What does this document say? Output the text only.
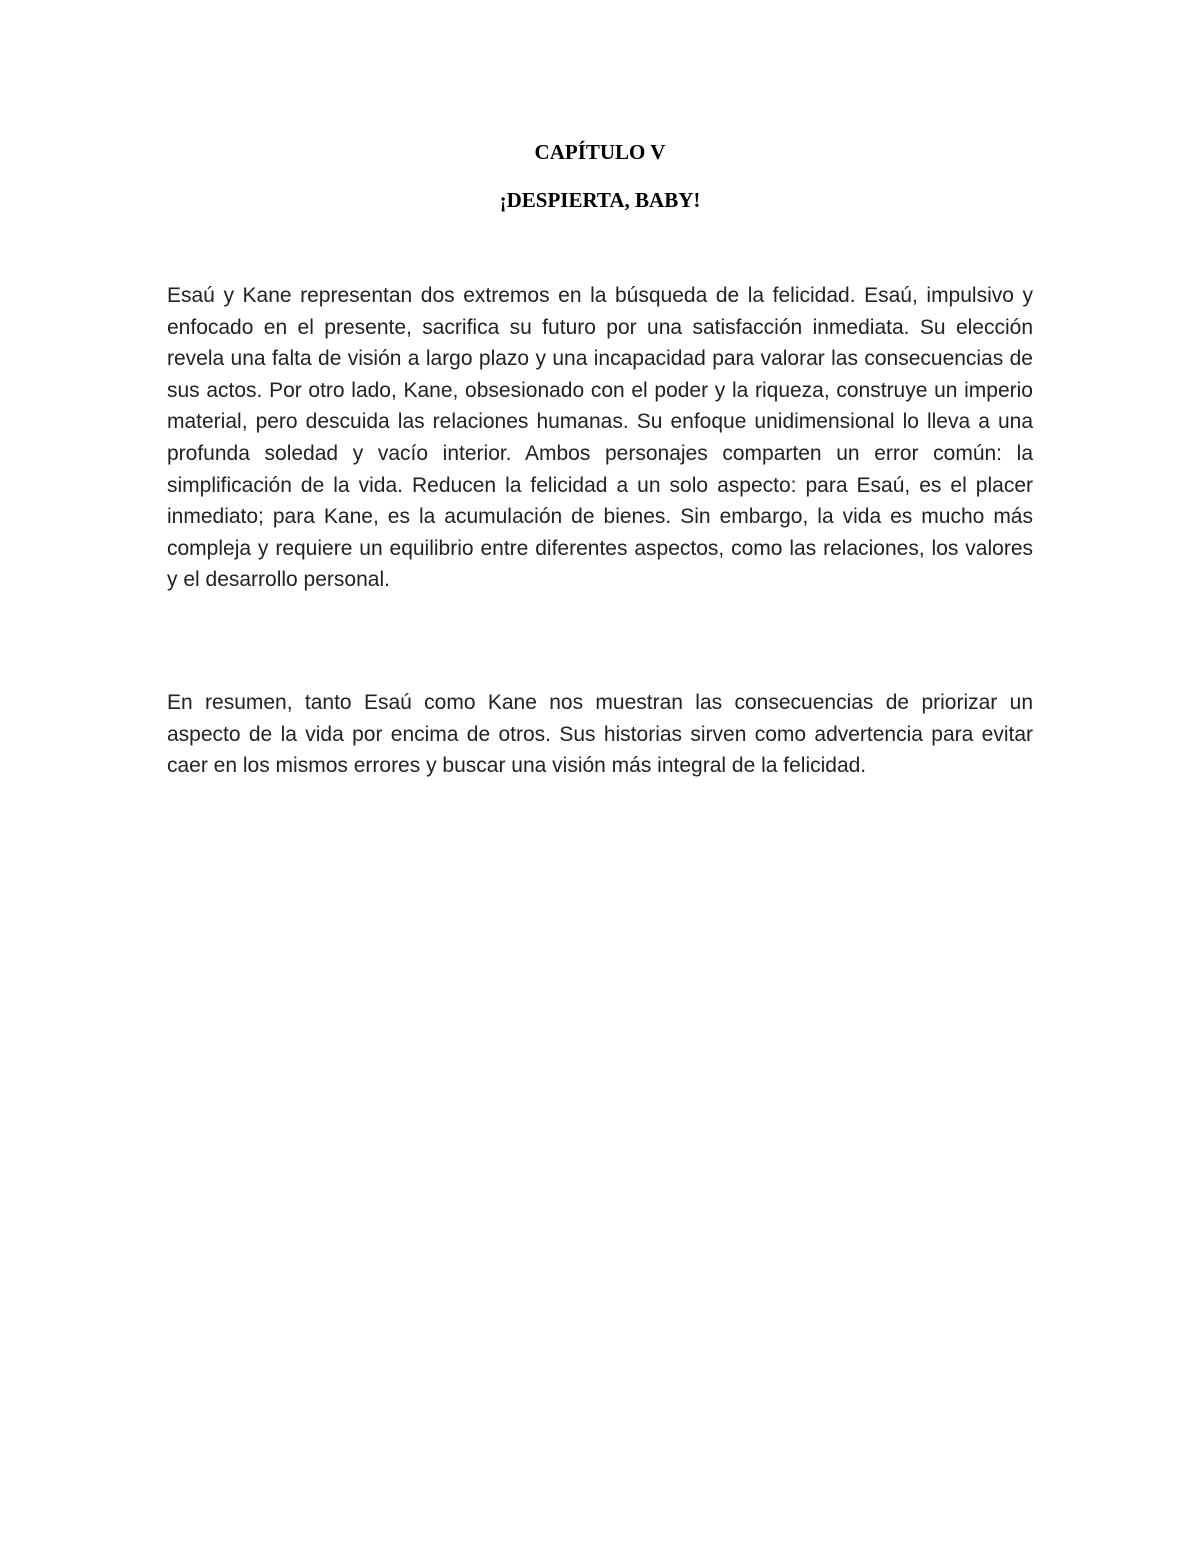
CAPÍTULO V
¡DESPIERTA, BABY!

Esaú y Kane representan dos extremos en la búsqueda de la felicidad. Esaú, impulsivo y enfocado en el presente, sacrifica su futuro por una satisfacción inmediata. Su elección revela una falta de visión a largo plazo y una incapacidad para valorar las consecuencias de sus actos. Por otro lado, Kane, obsesionado con el poder y la riqueza, construye un imperio material, pero descuida las relaciones humanas. Su enfoque unidimensional lo lleva a una profunda soledad y vacío interior. Ambos personajes comparten un error común: la simplificación de la vida. Reducen la felicidad a un solo aspecto: para Esaú, es el placer inmediato; para Kane, es la acumulación de bienes. Sin embargo, la vida es mucho más compleja y requiere un equilibrio entre diferentes aspectos, como las relaciones, los valores y el desarrollo personal.

En resumen, tanto Esaú como Kane nos muestran las consecuencias de priorizar un aspecto de la vida por encima de otros. Sus historias sirven como advertencia para evitar caer en los mismos errores y buscar una visión más integral de la felicidad.
